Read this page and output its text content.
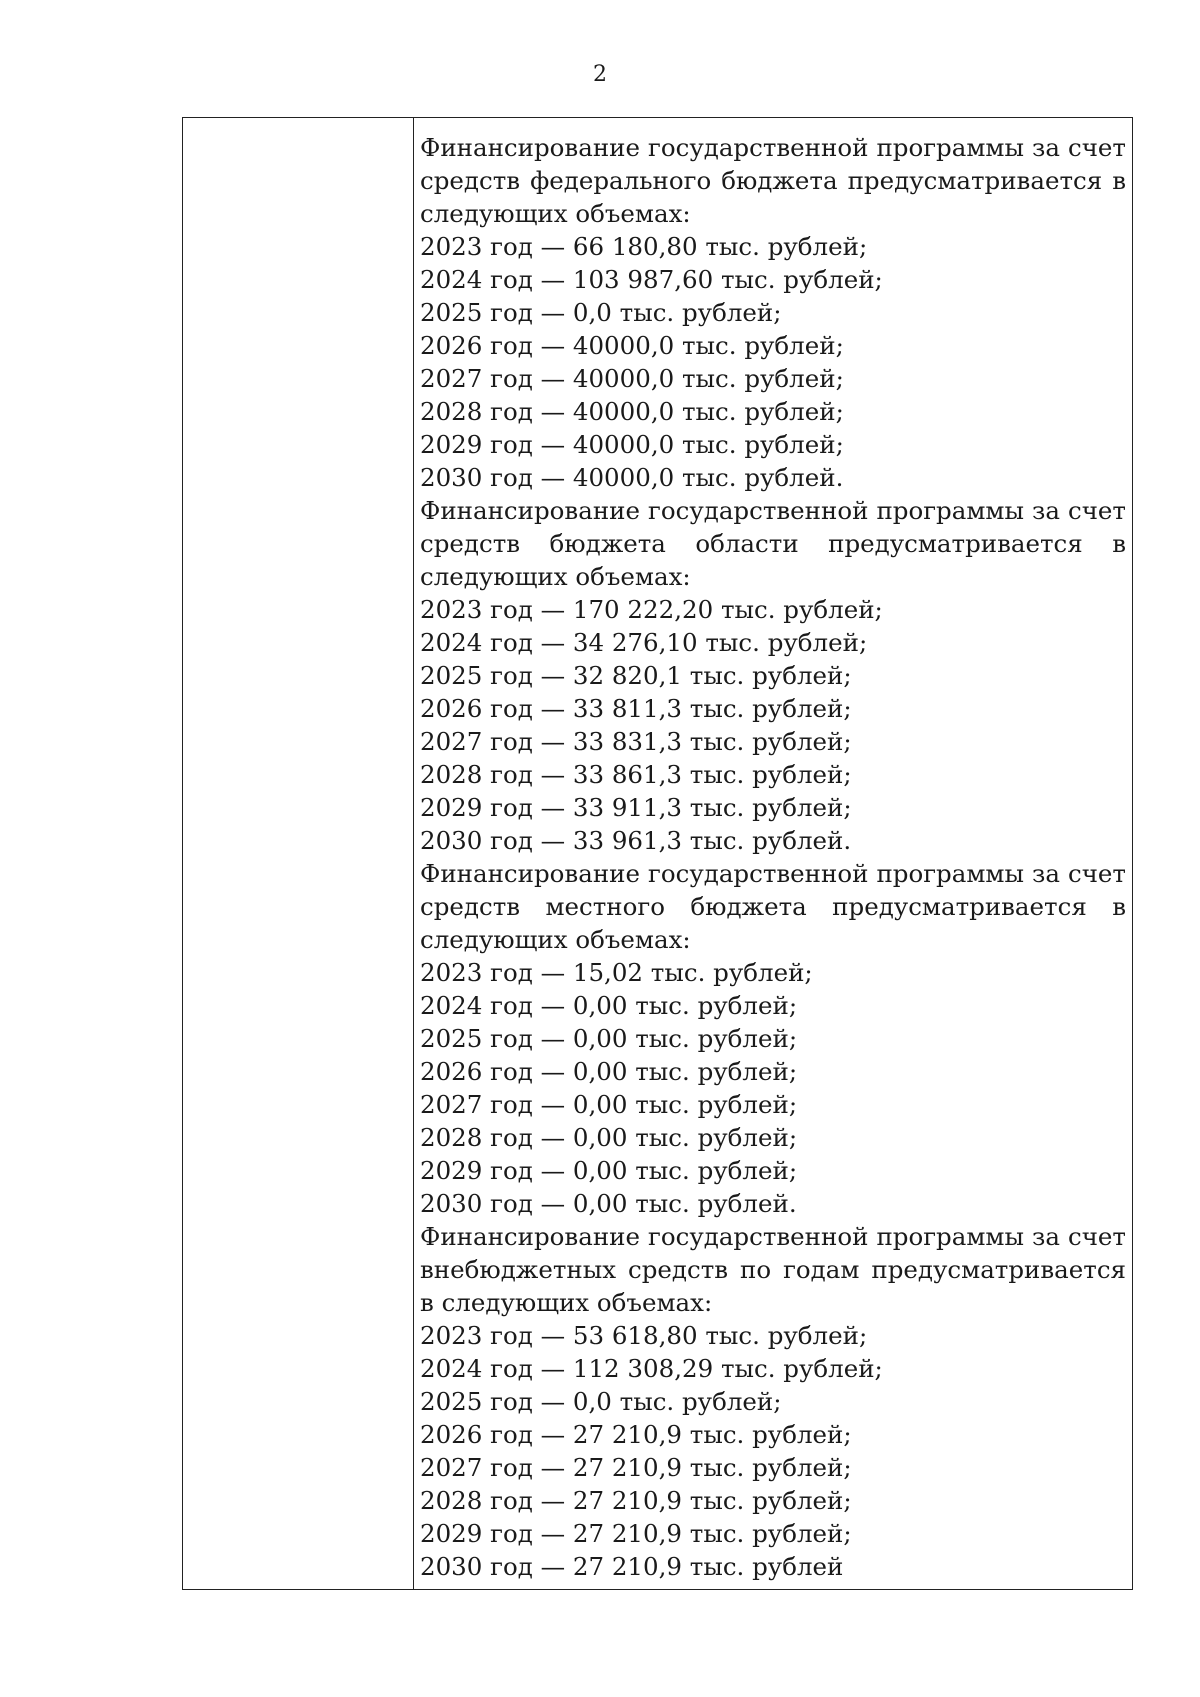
2

Финансирование государственной программы за счет средств федерального бюджета предусматривается в следующих объемах:

2023 год — 66 180,80 тыс. рублей;

2024 год — 103 987,60 тыс. рублей;

2025 год — 0,0 тыс. рублей;

2026 год — 40000,0 тыс. рублей;

2027 год — 40000,0 тыс. рублей;

2028 год — 40000,0 тыс. рублей;

2029 год — 40000,0 тыс. рублей;

2030 год — 40000,0 тыс. рублей.

Финансирование государственной программы за счет средств бюджета области предусматривается в следующих объемах:

2023 год — 170 222,20 тыс. рублей;

2024 год — 34 276,10 тыс. рублей;

2025 год — 32 820,1 тыс. рублей;

2026 год — 33 811,3 тыс. рублей;

2027 год — 33 831,3 тыс. рублей;

2028 год — 33 861,3 тыс. рублей;

2029 год — 33 911,3 тыс. рублей;

2030 год — 33 961,3 тыс. рублей.

Финансирование государственной программы за счет средств местного бюджета предусматривается в следующих объемах:

2023 год — 15,02 тыс. рублей;

2024 год — 0,00 тыс. рублей;

2025 год — 0,00 тыс. рублей;

2026 год — 0,00 тыс. рублей;

2027 год — 0,00 тыс. рублей;

2028 год — 0,00 тыс. рублей;

2029 год — 0,00 тыс. рублей;

2030 год — 0,00 тыс. рублей.

Финансирование государственной программы за счет внебюджетных средств по годам предусматривается в следующих объемах:

2023 год — 53 618,80 тыс. рублей;

2024 год — 112 308,29 тыс. рублей;

2025 год — 0,0 тыс. рублей;

2026 год — 27 210,9 тыс. рублей;

2027 год — 27 210,9 тыс. рублей;

2028 год — 27 210,9 тыс. рублей;

2029 год — 27 210,9 тыс. рублей;

2030 год — 27 210,9 тыс. рублей
